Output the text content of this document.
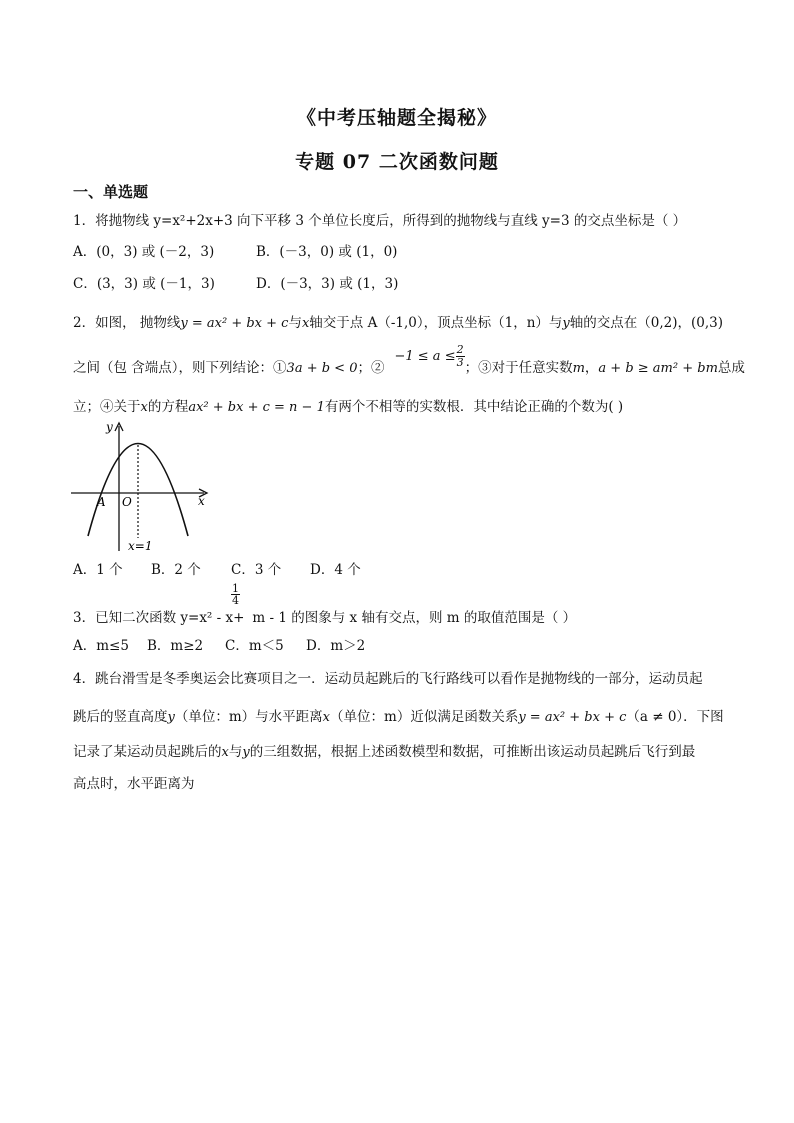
《中考压轴题全揭秘》
专题 07 二次函数问题
一、单选题
1．将抛物线 y=x²+2x+3 向下平移 3 个单位长度后，所得到的抛物线与直线 y=3 的交点坐标是（ ）
A．(0，3) 或 (－2，3)	B．(－3，0) 或 (1，0)
C．(3，3) 或 (－1，3)	D．(－3，3) 或 (1，3)
2．如图， 抛物线y = ax² + bx + c与x轴交于点 A（-1,0），顶点坐标（1，n）与y轴的交点在（0,2)，(0,3)
之间（包 含端点），则下列结论：①3a + b < 0；②−1 ≤ $a \le \frac{2}{3}$ ；③对于任意实数m，a + b ≥ am² + bm总成
立；④关于x的方程ax² + bx + c = n − 1有两个不相等的实数根．其中结论正确的个数为( )
y
x
A O
x=1
A．1 个 B．2 个 C．3 个 D．4 个
$\frac{1}{4}$
3．已知二次函数 y=x² - x+ m - 1 的图象与 x 轴有交点，则 m 的取值范围是（ ）
A．m≤5 B．m≥2 C．m＜5 D．m＞2
4．跳台滑雪是冬季奥运会比赛项目之一．运动员起跳后的飞行路线可以看作是抛物线的一部分，运动员起
跳后的竖直高度y（单位：m）与水平距离x（单位：m）近似满足函数关系y = ax² + bx + c（a ≠ 0）．下图
记录了某运动员起跳后的x与y的三组数据，根据上述函数模型和数据，可推断出该运动员起跳后飞行到最
高点时，水平距离为
